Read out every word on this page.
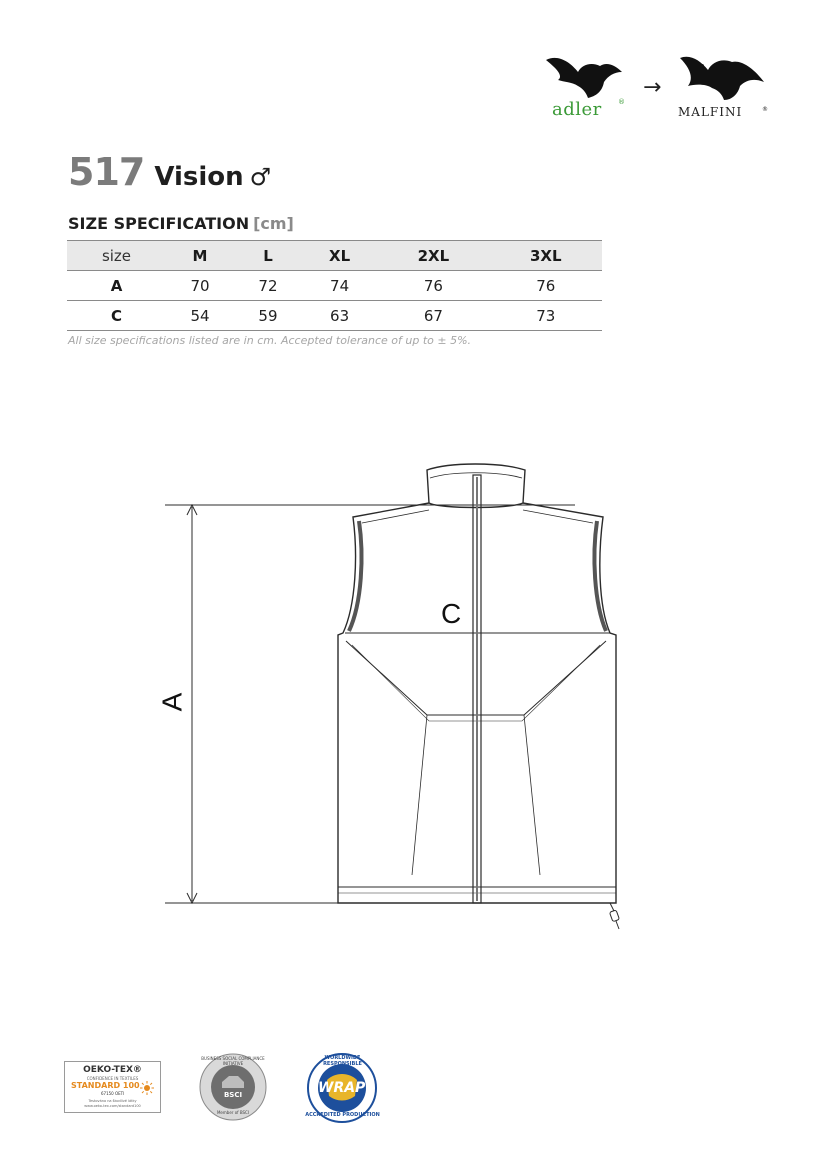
adler ®
→
MALFINI	®
517 Vision ♂
SIZE SPECIFICATION [cm]
size	M	L	XL	2XL	3XL
A	70	72	74	76	76
C	54	59	63	67	73
All size specifications listed are in cm. Accepted tolerance of up to ± 5%.
A
C
OEKO-TEX®
CONFIDENCE IN TEXTILES
STANDARD 100
67150 OETI
Testováno na škodlivé látky
www.oeko-tex.com/standard100
BUSINESS SOCIAL COMPLIANCE INITIATIVE
BSCI
Member of BSCI
WORLDWIDE RESPONSIBLE
WRAP
ACCREDITED PRODUCTION
